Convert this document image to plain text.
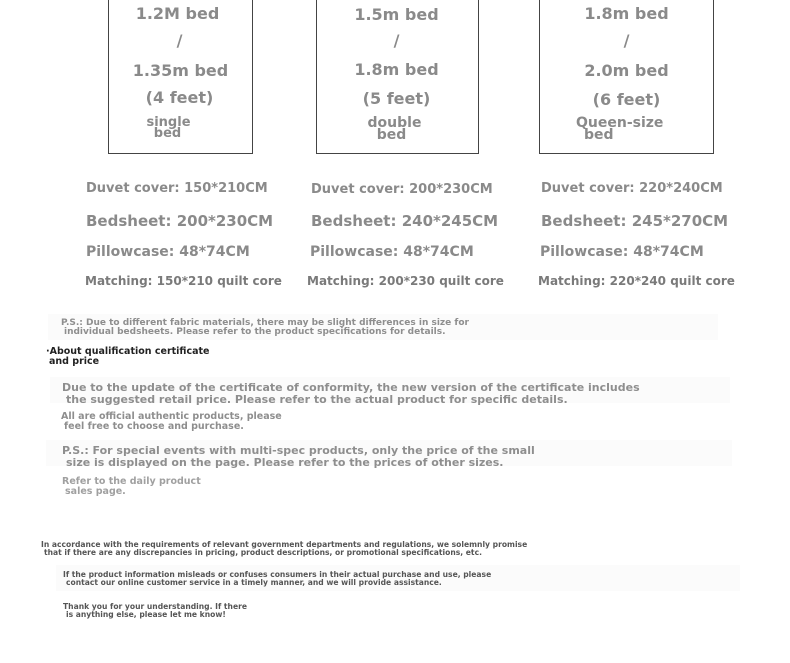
1.2M bed
/
1.35m bed
(4 feet)
single
bed
1.5m bed
/
1.8m bed
(5 feet)
double
bed
1.8m bed
/
2.0m bed
(6 feet)
Queen-size
bed
Duvet cover: 150*210CM	Duvet cover: 200*230CM	Duvet cover: 220*240CM
Bedsheet: 200*230CM	Bedsheet: 240*245CM	Bedsheet: 245*270CM
Pillowcase: 48*74CM	Pillowcase: 48*74CM	Pillowcase: 48*74CM
Matching: 150*210 quilt core Matching: 200*230 quilt core	Matching: 220*240 quilt core
P.S.: Due to different fabric materials, there may be slight differences in size for
individual bedsheets. Please refer to the product specifications for details.
·About qualification certificate
and price
Due to the update of the certificate of conformity, the new version of the certificate includes
the suggested retail price. Please refer to the actual product for specific details.
All are official authentic products, please
feel free to choose and purchase.
P.S.: For special events with multi-spec products, only the price of the small
size is displayed on the page. Please refer to the prices of other sizes.
Refer to the daily product
sales page.
In accordance with the requirements of relevant government departments and regulations, we solemnly promise
that if there are any discrepancies in pricing, product descriptions, or promotional specifications, etc.
If the product information misleads or confuses consumers in their actual purchase and use, please
contact our online customer service in a timely manner, and we will provide assistance.
Thank you for your understanding. If there
is anything else, please let me know!
